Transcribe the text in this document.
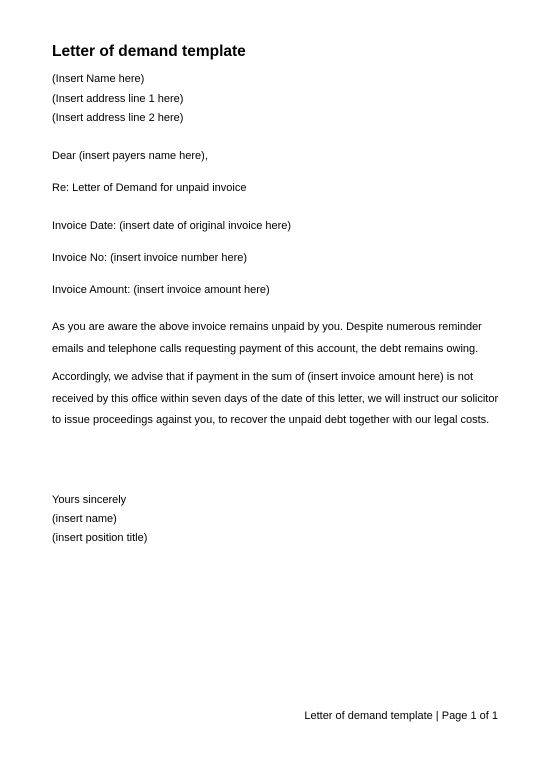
Letter of demand template

(Insert Name here)

(Insert address line 1 here)

(Insert address line 2 here)

Dear (insert payers name here),

Re: Letter of Demand for unpaid invoice

Invoice Date: (insert date of original invoice here)

Invoice No: (insert invoice number here)

Invoice Amount: (insert invoice amount here)

As you are aware the above invoice remains unpaid by you. Despite numerous reminder emails and telephone calls requesting payment of this account, the debt remains owing.

Accordingly, we advise that if payment in the sum of (insert invoice amount here) is not received by this office within seven days of the date of this letter, we will instruct our solicitor to issue proceedings against you, to recover the unpaid debt together with our legal costs.

Yours sincerely

(insert name)

(insert position title)

Letter of demand template | Page 1 of 1
